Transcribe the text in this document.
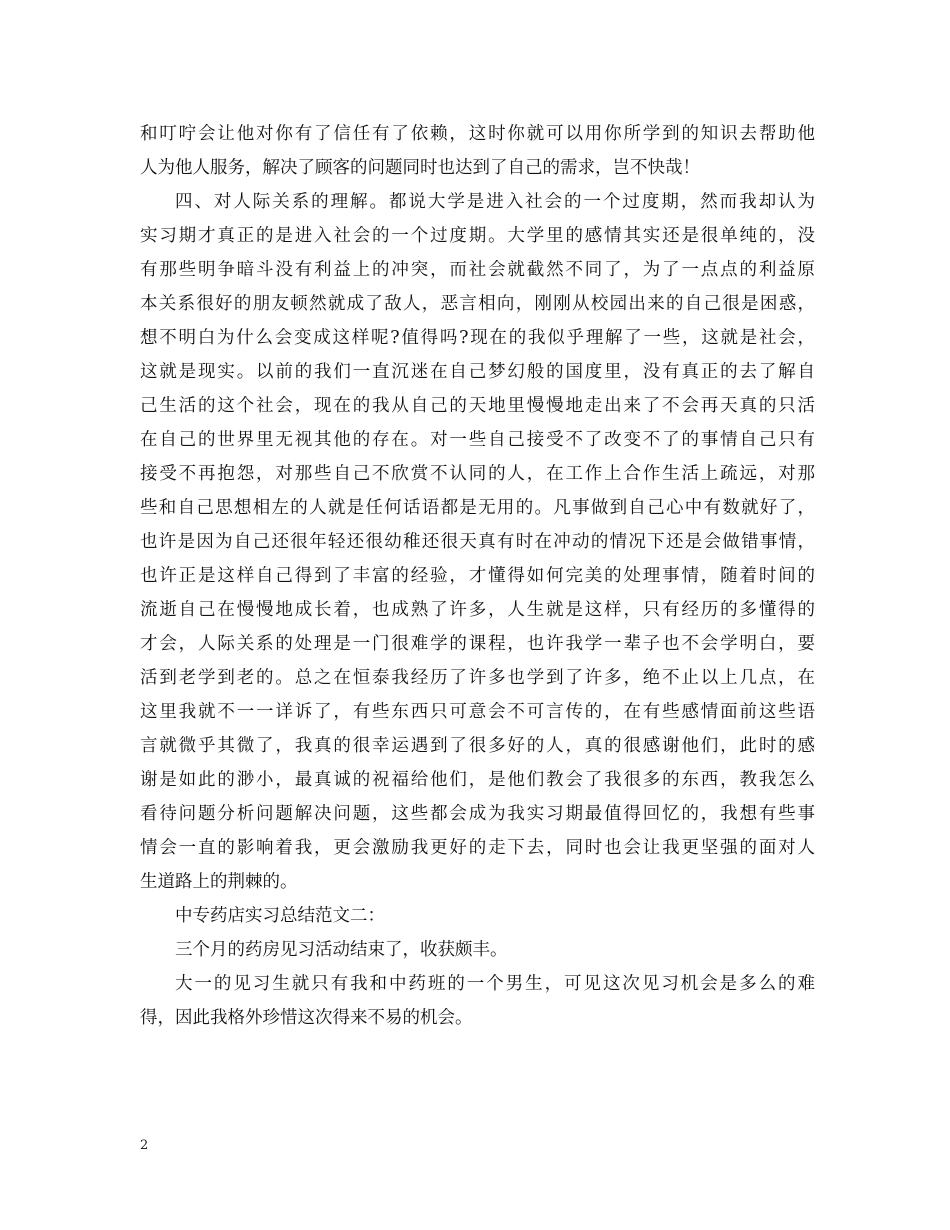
和叮咛会让他对你有了信任有了依赖，这时你就可以用你所学到的知识去帮助他
人为他人服务，解决了顾客的问题同时也达到了自己的需求，岂不快哉！

四、对人际关系的理解。都说大学是进入社会的一个过度期，然而我却认为
实习期才真正的是进入社会的一个过度期。大学里的感情其实还是很单纯的，没
有那些明争暗斗没有利益上的冲突，而社会就截然不同了，为了一点点的利益原
本关系很好的朋友顿然就成了敌人，恶言相向，刚刚从校园出来的自己很是困惑，
想不明白为什么会变成这样呢?值得吗?现在的我似乎理解了一些，这就是社会，
这就是现实。以前的我们一直沉迷在自己梦幻般的国度里，没有真正的去了解自
己生活的这个社会，现在的我从自己的天地里慢慢地走出来了不会再天真的只活
在自己的世界里无视其他的存在。对一些自己接受不了改变不了的事情自己只有
接受不再抱怨，对那些自己不欣赏不认同的人，在工作上合作生活上疏远，对那
些和自己思想相左的人就是任何话语都是无用的。凡事做到自己心中有数就好了，
也许是因为自己还很年轻还很幼稚还很天真有时在冲动的情况下还是会做错事情，
也许正是这样自己得到了丰富的经验，才懂得如何完美的处理事情，随着时间的
流逝自己在慢慢地成长着，也成熟了许多，人生就是这样，只有经历的多懂得的
才会，人际关系的处理是一门很难学的课程，也许我学一辈子也不会学明白，要
活到老学到老的。总之在恒泰我经历了许多也学到了许多，绝不止以上几点，在
这里我就不一一详诉了，有些东西只可意会不可言传的，在有些感情面前这些语
言就微乎其微了，我真的很幸运遇到了很多好的人，真的很感谢他们，此时的感
谢是如此的渺小，最真诚的祝福给他们，是他们教会了我很多的东西，教我怎么
看待问题分析问题解决问题，这些都会成为我实习期最值得回忆的，我想有些事
情会一直的影响着我，更会激励我更好的走下去，同时也会让我更坚强的面对人
生道路上的荆棘的。

中专药店实习总结范文二：

三个月的药房见习活动结束了，收获颇丰。

大一的见习生就只有我和中药班的一个男生，可见这次见习机会是多么的难
得，因此我格外珍惜这次得来不易的机会。

2
